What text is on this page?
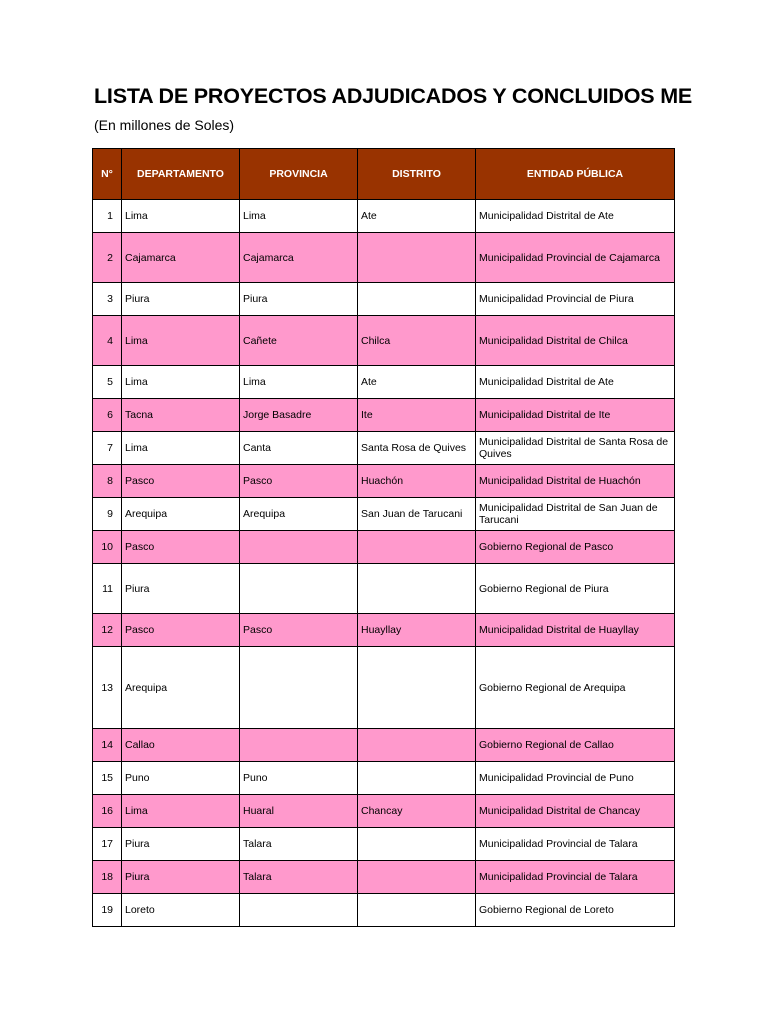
LISTA DE PROYECTOS ADJUDICADOS Y CONCLUIDOS ME
(En millones de Soles)
N°	DEPARTAMENTO	PROVINCIA	DISTRITO	ENTIDAD PÚBLICA
1	Lima	Lima	Ate	Municipalidad Distrital de Ate
2	Cajamarca	Cajamarca		Municipalidad Provincial de Cajamarca
3	Piura	Piura		Municipalidad Provincial de Piura
4	Lima	Cañete	Chilca	Municipalidad Distrital de Chilca
5	Lima	Lima	Ate	Municipalidad Distrital de Ate
6	Tacna	Jorge Basadre	Ite	Municipalidad Distrital de Ite
7	Lima	Canta	Santa Rosa de Quives	Municipalidad Distrital de Santa Rosa de Quives
8	Pasco	Pasco	Huachón	Municipalidad Distrital de Huachón
9	Arequipa	Arequipa	San Juan de Tarucani	Municipalidad Distrital de San Juan de Tarucani
10	Pasco			Gobierno Regional de Pasco
11	Piura			Gobierno Regional de Piura
12	Pasco	Pasco	Huayllay	Municipalidad Distrital de Huayllay
13	Arequipa			Gobierno Regional de Arequipa
14	Callao			Gobierno Regional de Callao
15	Puno	Puno		Municipalidad Provincial de Puno
16	Lima	Huaral	Chancay	Municipalidad Distrital de Chancay
17	Piura	Talara		Municipalidad Provincial de Talara
18	Piura	Talara		Municipalidad Provincial de Talara
19	Loreto			Gobierno Regional de Loreto
